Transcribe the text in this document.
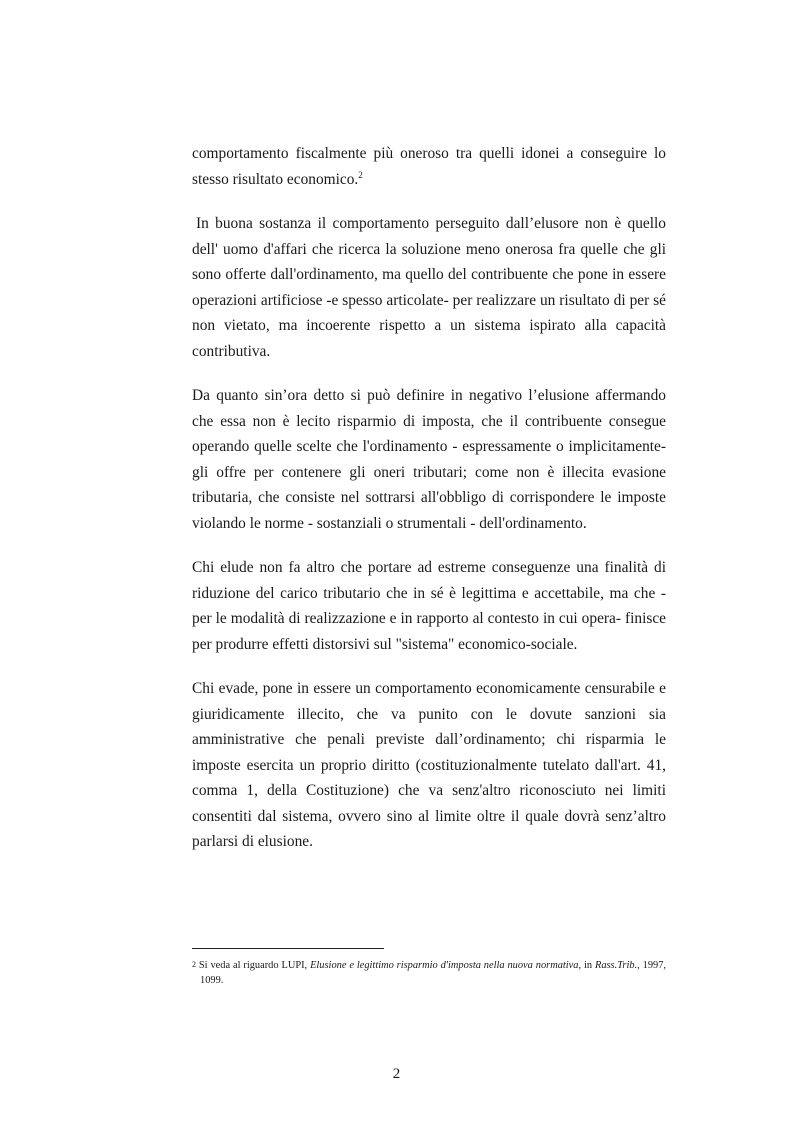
comportamento fiscalmente più oneroso tra quelli idonei a conseguire lo stesso risultato economico.$^2$

In buona sostanza il comportamento perseguito dall’elusore non è quello dell' uomo d'affari che ricerca la soluzione meno onerosa fra quelle che gli sono offerte dall'ordinamento, ma quello del contribuente che pone in essere operazioni artificiose -e spesso articolate- per realizzare un risultato di per sé non vietato, ma incoerente rispetto a un sistema ispirato alla capacità contributiva.

Da quanto sin’ora detto si può definire in negativo l’elusione affermando che essa non è lecito risparmio di imposta, che il contribuente consegue operando quelle scelte che l'ordinamento - espressamente o implicitamente- gli offre per contenere gli oneri tributari; come non è illecita evasione tributaria, che consiste nel sottrarsi all'obbligo di corrispondere le imposte violando le norme - sostanziali o strumentali - dell'ordinamento.

Chi elude non fa altro che portare ad estreme conseguenze una finalità di riduzione del carico tributario che in sé è legittima e accettabile, ma che - per le modalità di realizzazione e in rapporto al contesto in cui opera- finisce per produrre effetti distorsivi sul "sistema" economico-sociale.

Chi evade, pone in essere un comportamento economicamente censurabile e giuridicamente illecito, che va punito con le dovute sanzioni sia amministrative che penali previste dall’ordinamento; chi risparmia le imposte esercita un proprio diritto (costituzionalmente tutelato dall'art. 41, comma 1, della Costituzione) che va senz'altro riconosciuto nei limiti consentiti dal sistema, ovvero sino al limite oltre il quale dovrà senz’altro parlarsi di elusione.

2 Si veda al riguardo LUPI, Elusione e legittimo risparmio d'imposta nella nuova normativa, in Rass.Trib., 1997, 1099.
2
